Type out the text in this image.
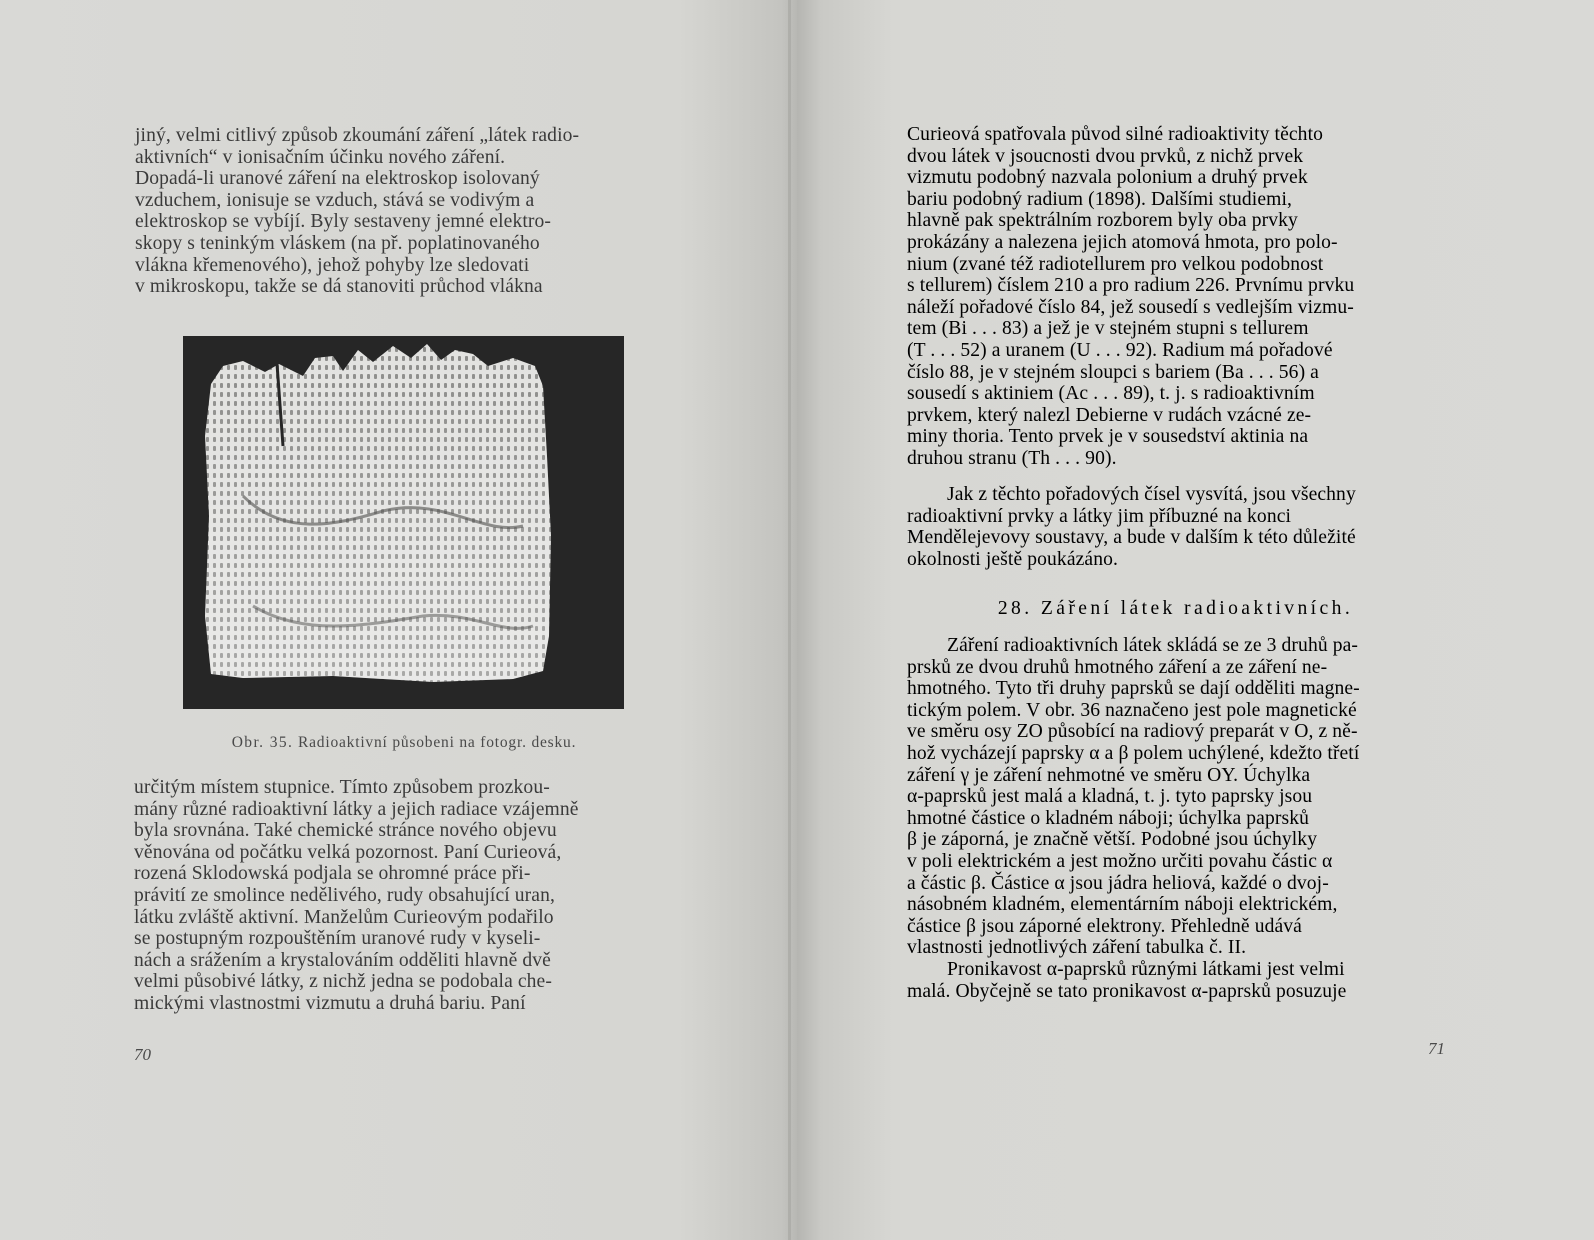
jiný, velmi citlivý způsob zkoumání záření „látek radio-

aktivních“ v ionisačním účinku nového záření.

Dopadá-li uranové záření na elektroskop isolovaný

vzduchem, ionisuje se vzduch, stává se vodivým a

elektroskop se vybíjí. Byly sestaveny jemné elektro-

skopy s teninkým vláskem (na př. poplatinovaného

vlákna křemenového), jehož pohyby lze sledovati

v mikroskopu, takže se dá stanoviti průchod vlákna

Obr. 35. Radioaktivní působeni na fotogr. desku.

určitým místem stupnice. Tímto způsobem prozkou-

mány různé radioaktivní látky a jejich radiace vzájemně

byla srovnána. Také chemické stránce nového objevu

věnována od počátku velká pozornost. Paní Curieová,

rozená Sklodowská podjala se ohromné práce při-

právití ze smolince nedělivého, rudy obsahující uran,

látku zvláště aktivní. Manželům Curieovým podařilo

se postupným rozpouštěním uranové rudy v kyseli-

nách a srážením a krystalováním odděliti hlavně dvě

velmi působivé látky, z nichž jedna se podobala che-

mickými vlastnostmi vizmutu a druhá bariu. Paní

70

Curieová spatřovala původ silné radioaktivity těchto

dvou látek v jsoucnosti dvou prvků, z nichž prvek

vizmutu podobný nazvala polonium a druhý prvek

bariu podobný radium (1898). Dalšími studiemi,

hlavně pak spektrálním rozborem byly oba prvky

prokázány a nalezena jejich atomová hmota, pro polo-

nium (zvané též radiotellurem pro velkou podobnost

s tellurem) číslem 210 a pro radium 226. Prvnímu prvku

náleží pořadové číslo 84, jež sousedí s vedlejším vizmu-

tem (Bi . . . 83) a jež je v stejném stupni s tellurem

(T . . . 52) a uranem (U . . . 92). Radium má pořadové

číslo 88, je v stejném sloupci s bariem (Ba . . . 56) a

sousedí s aktiniem (Ac . . . 89), t. j. s radioaktivním

prvkem, který nalezl Debierne v rudách vzácné ze-

miny thoria. Tento prvek je v sousedství aktinia na

druhou stranu (Th . . . 90).

Jak z těchto pořadových čísel vysvítá, jsou všechny

radioaktivní prvky a látky jim příbuzné na konci

Mendělejevovy soustavy, a bude v dalším k této důležité

okolnosti ještě poukázáno.

28. Záření látek radioaktivních.

Záření radioaktivních látek skládá se ze 3 druhů pa-

prsků ze dvou druhů hmotného záření a ze záření ne-

hmotného. Tyto tři druhy paprsků se dají odděliti magne-

tickým polem. V obr. 36 naznačeno jest pole magnetické

ve směru osy ZO působící na radiový preparát v O, z ně-

hož vycházejí paprsky α a β polem uchýlené, kdežto třetí

záření γ je záření nehmotné ve směru OY. Úchylka

α-paprsků jest malá a kladná, t. j. tyto paprsky jsou

hmotné částice o kladném náboji; úchylka paprsků

β je záporná, je značně větší. Podobné jsou úchylky

v poli elektrickém a jest možno určiti povahu částic α

a částic β. Částice α jsou jádra heliová, každé o dvoj-

násobném kladném, elementárním náboji elektrickém,

částice β jsou záporné elektrony. Přehledně udává

vlastnosti jednotlivých záření tabulka č. II.

Pronikavost α-paprsků různými látkami jest velmi

malá. Obyčejně se tato pronikavost α-paprsků posuzuje

71
